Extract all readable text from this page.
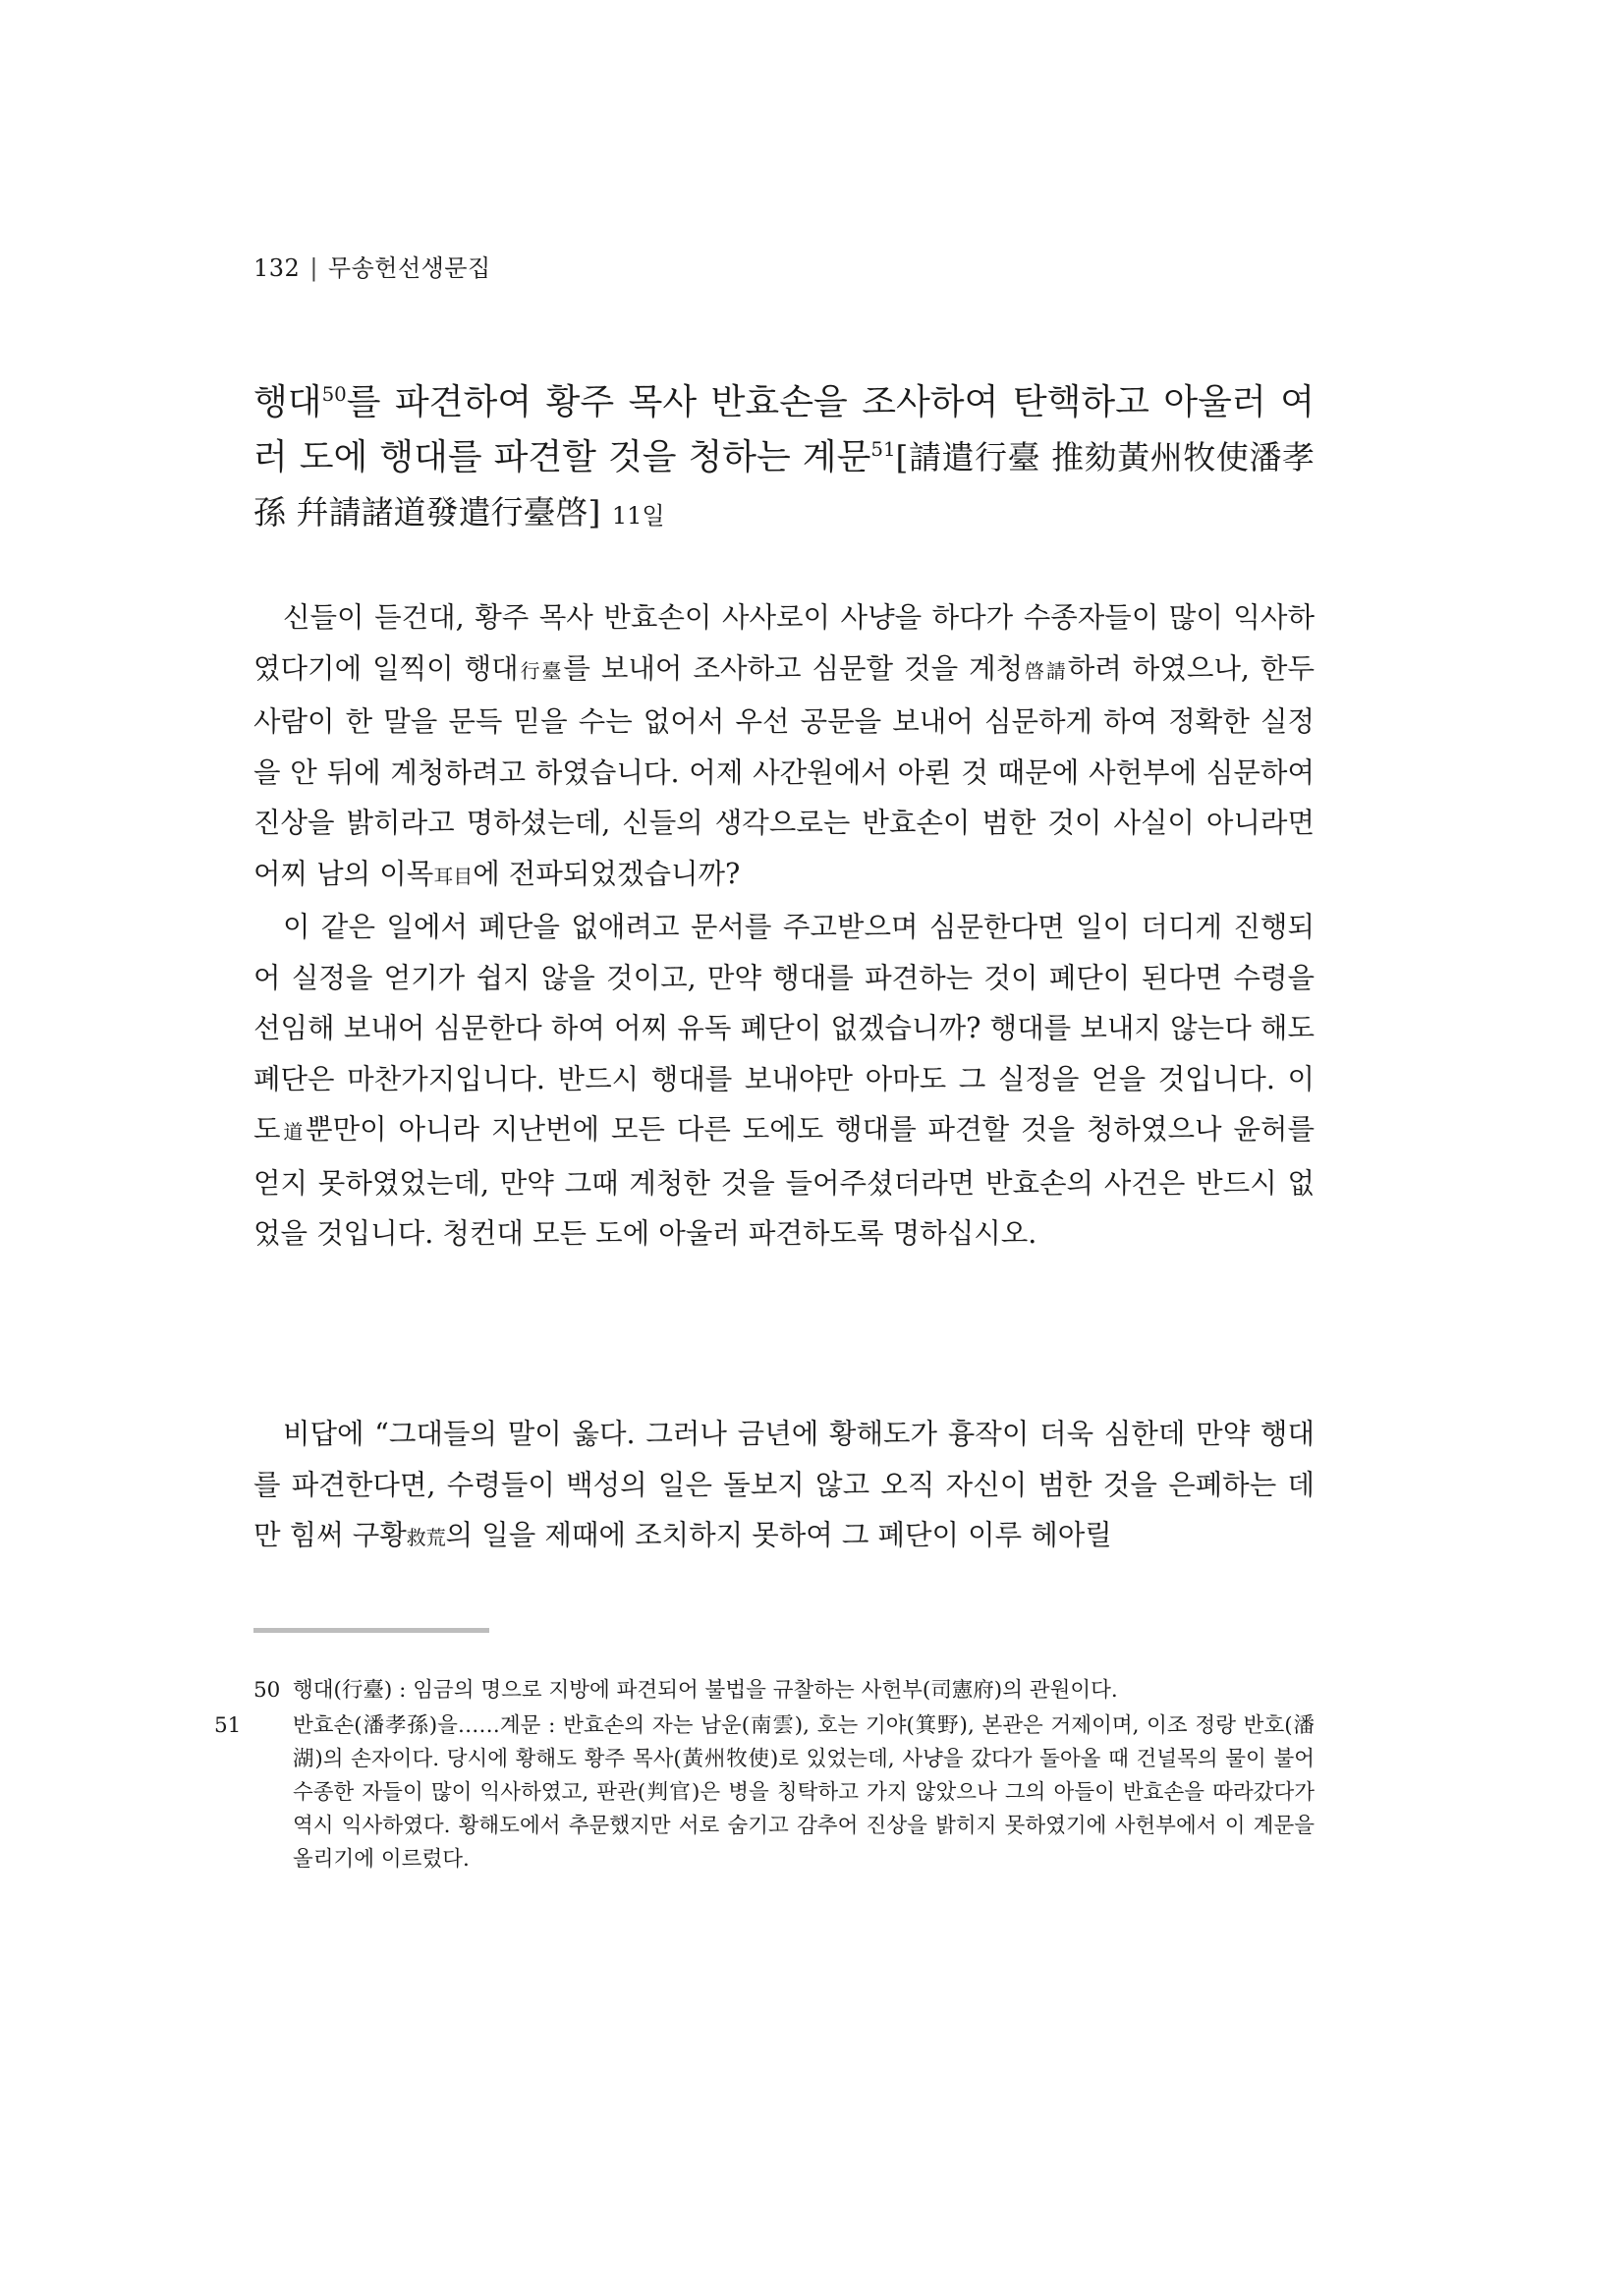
132 | 무송헌선생문집
행대$^{50}$를 파견하여 황주 목사 반효손을 조사하여 탄핵하고 아울러 여러 도에 행대를 파견할 것을 청하는 계문$^{51}$[請遣行臺 推劾黃州牧使潘孝孫 幷請諸道發遣行臺啓] 11일

신들이 듣건대, 황주 목사 반효손이 사사로이 사냥을 하다가 수종자들이 많이 익사하였다기에 일찍이 행대行臺를 보내어 조사하고 심문할 것을 계청啓請하려 하였으나, 한두 사람이 한 말을 문득 믿을 수는 없어서 우선 공문을 보내어 심문하게 하여 정확한 실정을 안 뒤에 계청하려고 하였습니다. 어제 사간원에서 아뢴 것 때문에 사헌부에 심문하여 진상을 밝히라고 명하셨는데, 신들의 생각으로는 반효손이 범한 것이 사실이 아니라면 어찌 남의 이목耳目에 전파되었겠습니까?

이 같은 일에서 폐단을 없애려고 문서를 주고받으며 심문한다면 일이 더디게 진행되어 실정을 얻기가 쉽지 않을 것이고, 만약 행대를 파견하는 것이 폐단이 된다면 수령을 선임해 보내어 심문한다 하여 어찌 유독 폐단이 없겠습니까? 행대를 보내지 않는다 해도 폐단은 마찬가지입니다. 반드시 행대를 보내야만 아마도 그 실정을 얻을 것입니다. 이 도道뿐만이 아니라 지난번에 모든 다른 도에도 행대를 파견할 것을 청하였으나 윤허를 얻지 못하였었는데, 만약 그때 계청한 것을 들어주셨더라면 반효손의 사건은 반드시 없었을 것입니다. 청컨대 모든 도에 아울러 파견하도록 명하십시오.

비답에 “그대들의 말이 옳다. 그러나 금년에 황해도가 흉작이 더욱 심한데 만약 행대를 파견한다면, 수령들이 백성의 일은 돌보지 않고 오직 자신이 범한 것을 은폐하는 데만 힘써 구황救荒의 일을 제때에 조치하지 못하여 그 폐단이 이루 헤아릴

50 행대(行臺) : 임금의 명으로 지방에 파견되어 불법을 규찰하는 사헌부(司憲府)의 관원이다.
51 반효손(潘孝孫)을……계문 : 반효손의 자는 남운(南雲), 호는 기야(箕野), 본관은 거제이며, 이조 정랑 반호(潘湖)의 손자이다. 당시에 황해도 황주 목사(黃州牧使)로 있었는데, 사냥을 갔다가 돌아올 때 건널목의 물이 불어 수종한 자들이 많이 익사하였고, 판관(判官)은 병을 칭탁하고 가지 않았으나 그의 아들이 반효손을 따라갔다가 역시 익사하였다. 황해도에서 추문했지만 서로 숨기고 감추어 진상을 밝히지 못하였기에 사헌부에서 이 계문을 올리기에 이르렀다.
